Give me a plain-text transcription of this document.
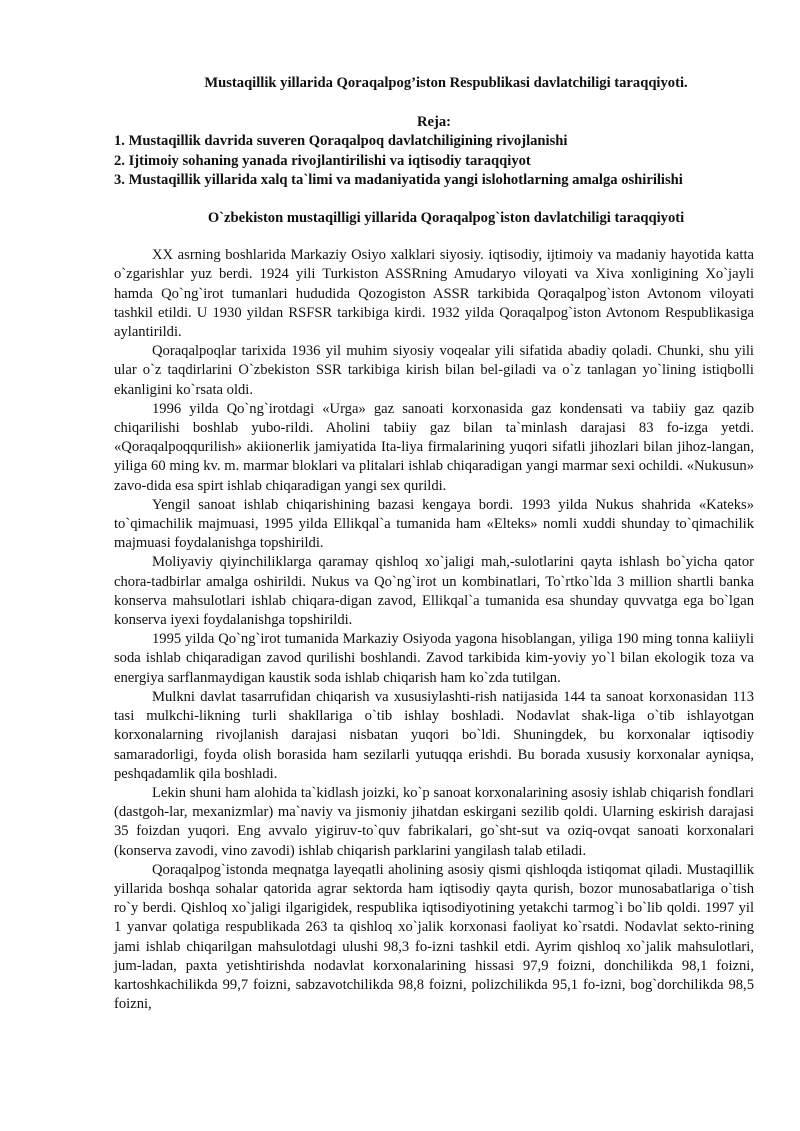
Mustaqillik yillarida Qoraqalpog’iston Respublikasi davlatchiligi taraqqiyoti.

Reja:

1. Mustaqillik davrida suveren Qoraqalpoq davlatchiligining rivojlanishi
2. Ijtimoiy sohaning yanada rivojlantirilishi va iqtisodiy taraqqiyot
3. Mustaqillik yillarida xalq ta`limi va madaniyatida yangi islohotlarning amalga oshirilishi

O`zbekiston mustaqilligi yillarida Qoraqalpog`iston davlatchiligi taraqqiyoti

XX asrning boshlarida Markaziy Osiyo xalklari siyosiy. iqtisodiy, ijtimoiy va madaniy hayotida katta o`zgarishlar yuz berdi. 1924 yili Turkiston ASSRning Amudaryo viloyati va Xiva xonligining Xo`jayli hamda Qo`ng`irot tumanlari hududida Qozogiston ASSR tarkibida Qoraqalpog`iston Avtonom viloyati tashkil etildi. U 1930 yildan RSFSR tarkibiga kirdi. 1932 yilda Qoraqalpog`iston Avtonom Respublikasiga aylantirildi.

Qoraqalpoqlar tarixida 1936 yil muhim siyosiy voqealar yili sifatida abadiy qoladi. Chunki, shu yili ular o`z taqdirlarini O`zbekiston SSR tarkibiga kirish bilan bel-giladi va o`z tanlagan yo`lining istiqbolli ekanligini ko`rsata oldi.

1996 yilda Qo`ng`irotdagi «Urga» gaz sanoati korxonasida gaz kondensati va tabiiy gaz qazib chiqarilishi boshlab yubo-rildi. Aholini tabiiy gaz bilan ta`minlash darajasi 83 fo-izga yetdi. «Qoraqalpoqqurilish» akiionerlik jamiyatida Ita-liya firmalarining yuqori sifatli jihozlari bilan jihoz-langan, yiliga 60 ming kv. m. marmar bloklari va plitalari ishlab chiqaradigan yangi marmar sexi ochildi. «Nukusun» zavo-dida esa spirt ishlab chiqaradigan yangi sex qurildi.

Yengil sanoat ishlab chiqarishining bazasi kengaya bordi. 1993 yilda Nukus shahrida «Kateks» to`qimachilik majmuasi, 1995 yilda Ellikqal`a tumanida ham «Elteks» nomli xuddi shunday to`qimachilik majmuasi foydalanishga topshirildi.

Moliyaviy qiyinchiliklarga qaramay qishloq xo`jaligi mah,-sulotlarini qayta ishlash bo`yicha qator chora-tadbirlar amalga oshirildi. Nukus va Qo`ng`irot un kombinatlari, To`rtko`lda 3 million shartli banka konserva mahsulotlari ishlab chiqara-digan zavod, Ellikqal`a tumanida esa shunday quvvatga ega bo`lgan konserva iyexi foydalanishga topshirildi.

1995 yilda Qo`ng`irot tumanida Markaziy Osiyoda yagona hisoblangan, yiliga 190 ming tonna kaliiyli soda ishlab chiqaradigan zavod qurilishi boshlandi. Zavod tarkibida kim-yoviy yo`l bilan ekologik toza va energiya sarflanmaydigan kaustik soda ishlab chiqarish ham ko`zda tutilgan.

Mulkni davlat tasarrufidan chiqarish va xususiylashti-rish natijasida 144 ta sanoat korxonasidan 113 tasi mulkchi-likning turli shakllariga o`tib ishlay boshladi. Nodavlat shak-liga o`tib ishlayotgan korxonalarning rivojlanish darajasi nisbatan yuqori bo`ldi. Shuningdek, bu korxonalar iqtisodiy samaradorligi, foyda olish borasida ham sezilarli yutuqqa erishdi. Bu borada xususiy korxonalar ayniqsa, peshqadamlik qila boshladi.

Lekin shuni ham alohida ta`kidlash joizki, ko`p sanoat korxonalarining asosiy ishlab chiqarish fondlari (dastgoh-lar, mexanizmlar) ma`naviy va jismoniy jihatdan eskirgani sezilib qoldi. Ularning eskirish darajasi 35 foizdan yuqori. Eng avvalo yigiruv-to`quv fabrikalari, go`sht-sut va oziq-ovqat sanoati korxonalari (konserva zavodi, vino zavodi) ishlab chiqarish parklarini yangilash talab etiladi.

Qoraqalpog`istonda meqnatga layeqatli aholining asosiy qismi qishloqda istiqomat qiladi. Mustaqillik yillarida boshqa sohalar qatorida agrar sektorda ham iqtisodiy qayta qurish, bozor munosabatlariga o`tish ro`y berdi. Qishloq xo`jaligi ilgarigidek, respublika iqtisodiyotining yetakchi tarmog`i bo`lib qoldi. 1997 yil 1 yanvar qolatiga respublikada 263 ta qishloq xo`jalik korxonasi faoliyat ko`rsatdi. Nodavlat sekto-rining jami ishlab chiqarilgan mahsulotdagi ulushi 98,3 fo-izni tashkil etdi. Ayrim qishloq xo`jalik mahsulotlari, jum-ladan, paxta yetishtirishda nodavlat korxonalarining hissasi 97,9 foizni, donchilikda 98,1 foizni, kartoshkachilikda 99,7 foizni, sabzavotchilikda 98,8 foizni, polizchilikda 95,1 fo-izni, bog`dorchilikda 98,5 foizni,
